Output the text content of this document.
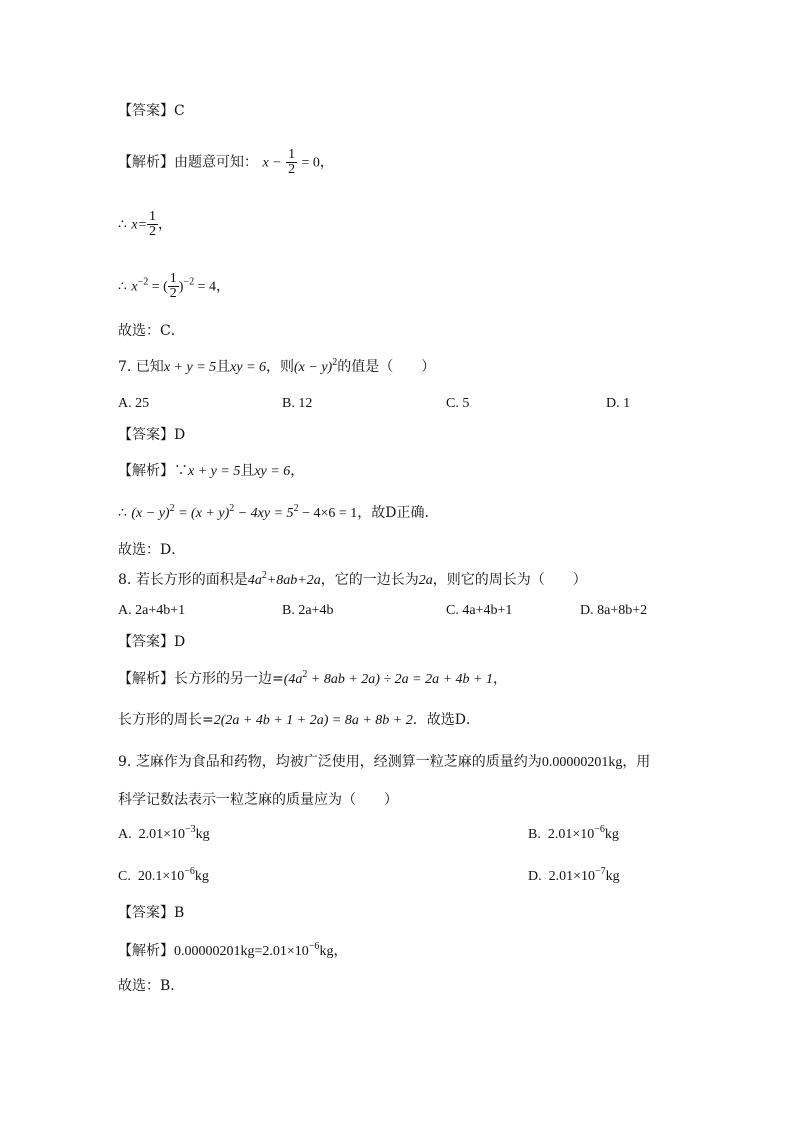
【答案】C
【解析】由题意可知： $x - \frac{1}{2} = 0$，
∴ $x= \frac{1}{2}$ ，
∴ $x^{-2}$ = ( $\frac{1}{2} )^{-2} = 4$，
故选：C．
7. 已知x + y = 5且xy = 6，则$(x - y)^2$的值是（　　）
A. 25	B. 12	C. 5	D. 1
【答案】D
【解析】∵x + y = 5且xy = 6，
∴ $(x - y)^2 = (x + y)^2 - 4xy = 5^2 - 4\times 6 = 1$，故D正确．
故选：D．
8. 若长方形的面积是$4a^2+8ab+2a$，它的一边长为2a，则它的周长为（　　）
A. 2a+4b+1	B. 2a+4b	C. 4a+4b+1	D. 8a+8b+2
【答案】D
【解析】长方形的另一边$=(4a^2 + 8ab + 2a) \div 2a = 2a + 4b + 1$，
长方形的周长=2(2a + 4b + 1 + 2a) = 8a + 8b + 2．故选D．
9. 芝麻作为食品和药物，均被广泛使用，经测算一粒芝麻的质量约为0.00000201kg，用
科学记数法表示一粒芝麻的质量应为（　　）
A. $2.01\times 10^{-3}kg$	B. $2.01\times 10^{-6}kg$
C. $20.1\times 10^{-6}kg$	D. $2.01\times 10^{-7}kg$
【答案】B
【解析】$0.00000201kg=2.01\times 10^{-6}kg$，
故选：B．
